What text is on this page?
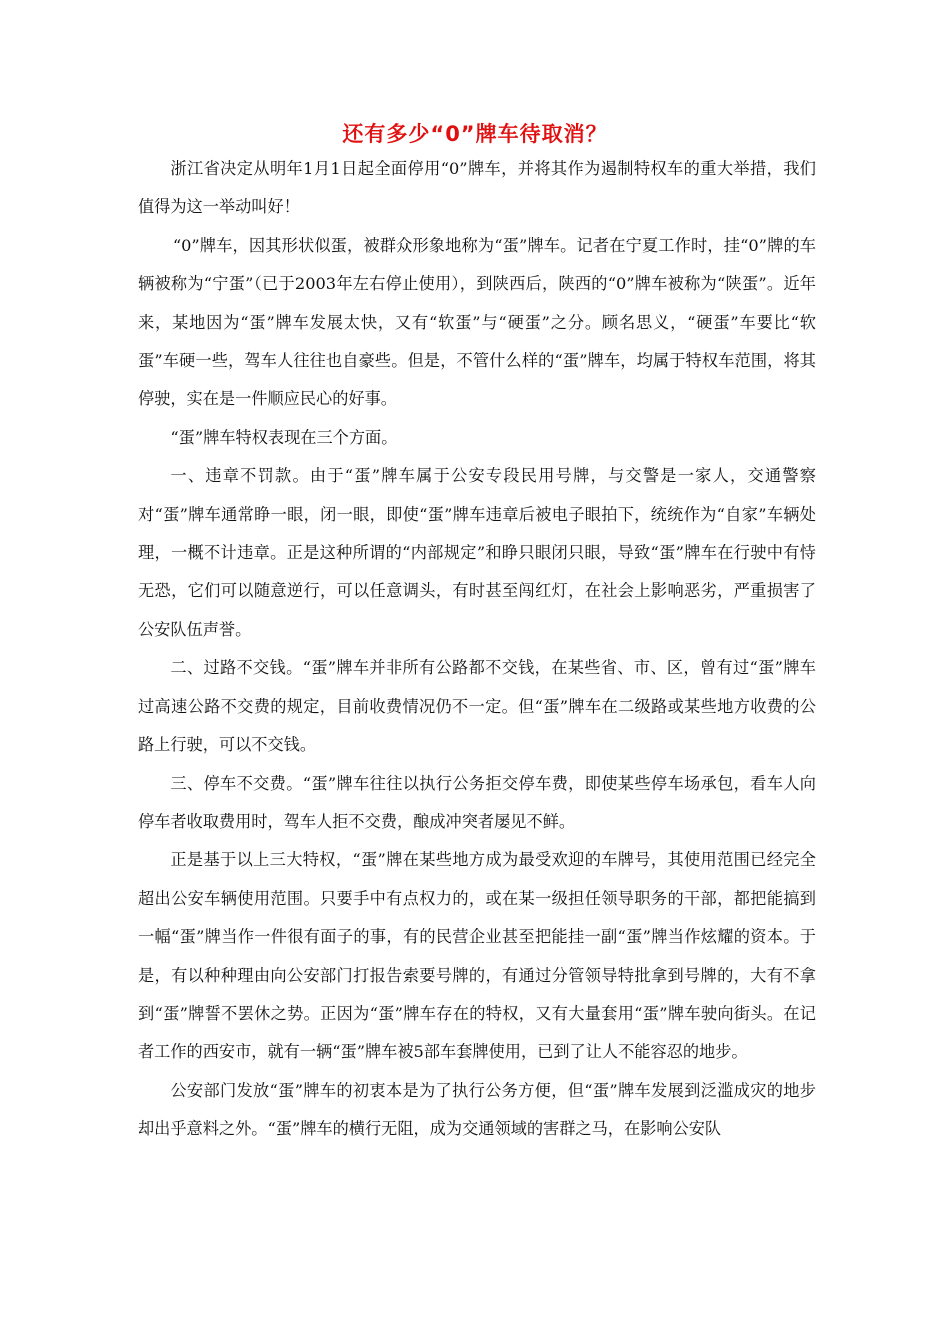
还有多少“0”牌车待取消？

浙江省决定从明年1月1日起全面停用“0”牌车，并将其作为遏制特权车的重大举措，我们值得为这一举动叫好！

“0”牌车，因其形状似蛋，被群众形象地称为“蛋”牌车。记者在宁夏工作时，挂“0”牌的车辆被称为“宁蛋”（已于2003年左右停止使用），到陕西后，陕西的“0”牌车被称为“陕蛋”。近年来，某地因为“蛋”牌车发展太快，又有“软蛋”与“硬蛋”之分。顾名思义，“硬蛋”车要比“软蛋”车硬一些，驾车人往往也自豪些。但是，不管什么样的“蛋”牌车，均属于特权车范围，将其停驶，实在是一件顺应民心的好事。

“蛋”牌车特权表现在三个方面。

一、违章不罚款。由于“蛋”牌车属于公安专段民用号牌，与交警是一家人，交通警察对“蛋”牌车通常睁一眼，闭一眼，即使“蛋”牌车违章后被电子眼拍下，统统作为“自家”车辆处理，一概不计违章。正是这种所谓的“内部规定”和睁只眼闭只眼，导致“蛋”牌车在行驶中有恃无恐，它们可以随意逆行，可以任意调头，有时甚至闯红灯，在社会上影响恶劣，严重损害了公安队伍声誉。

二、过路不交钱。“蛋”牌车并非所有公路都不交钱，在某些省、市、区，曾有过“蛋”牌车过高速公路不交费的规定，目前收费情况仍不一定。但“蛋”牌车在二级路或某些地方收费的公路上行驶，可以不交钱。

三、停车不交费。“蛋”牌车往往以执行公务拒交停车费，即使某些停车场承包，看车人向停车者收取费用时，驾车人拒不交费，酿成冲突者屡见不鲜。

正是基于以上三大特权，“蛋”牌在某些地方成为最受欢迎的车牌号，其使用范围已经完全超出公安车辆使用范围。只要手中有点权力的，或在某一级担任领导职务的干部，都把能搞到一幅“蛋”牌当作一件很有面子的事，有的民营企业甚至把能挂一副“蛋”牌当作炫耀的资本。于是，有以种种理由向公安部门打报告索要号牌的，有通过分管领导特批拿到号牌的，大有不拿到“蛋”牌誓不罢休之势。正因为“蛋”牌车存在的特权，又有大量套用“蛋”牌车驶向街头。在记者工作的西安市，就有一辆“蛋”牌车被5部车套牌使用，已到了让人不能容忍的地步。

公安部门发放“蛋”牌车的初衷本是为了执行公务方便，但“蛋”牌车发展到泛滥成灾的地步却出乎意料之外。“蛋”牌车的横行无阻，成为交通领域的害群之马，在影响公安队
